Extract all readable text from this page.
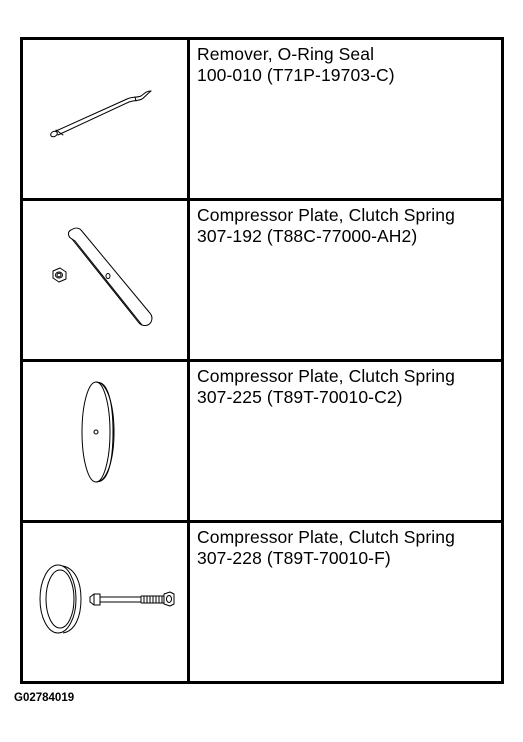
Remover, O-Ring Seal
100-010 (T71P-19703-C)

Compressor Plate, Clutch Spring
307-192 (T88C-77000-AH2)

Compressor Plate, Clutch Spring
307-225 (T89T-70010-C2)

Compressor Plate, Clutch Spring
307-228 (T89T-70010-F)
G02784019
